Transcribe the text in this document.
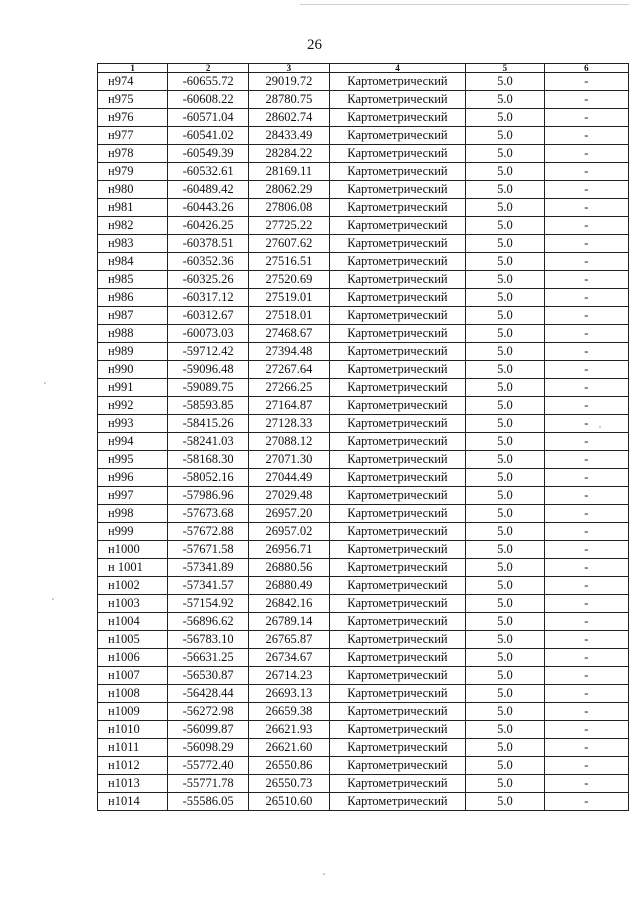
26
1	2	3	4	5	6
н974	-60655.72	29019.72	Картометрический	5.0	-
н975	-60608.22	28780.75	Картометрический	5.0	-
н976	-60571.04	28602.74	Картометрический	5.0	-
н977	-60541.02	28433.49	Картометрический	5.0	-
н978	-60549.39	28284.22	Картометрический	5.0	-
н979	-60532.61	28169.11	Картометрический	5.0	-
н980	-60489.42	28062.29	Картометрический	5.0	-
н981	-60443.26	27806.08	Картометрический	5.0	-
н982	-60426.25	27725.22	Картометрический	5.0	-
н983	-60378.51	27607.62	Картометрический	5.0	-
н984	-60352.36	27516.51	Картометрический	5.0	-
н985	-60325.26	27520.69	Картометрический	5.0	-
н986	-60317.12	27519.01	Картометрический	5.0	-
н987	-60312.67	27518.01	Картометрический	5.0	-
н988	-60073.03	27468.67	Картометрический	5.0	-
н989	-59712.42	27394.48	Картометрический	5.0	-
н990	-59096.48	27267.64	Картометрический	5.0	-
н991	-59089.75	27266.25	Картометрический	5.0	-
н992	-58593.85	27164.87	Картометрический	5.0	-
н993	-58415.26	27128.33	Картометрический	5.0	-
н994	-58241.03	27088.12	Картометрический	5.0	-
н995	-58168.30	27071.30	Картометрический	5.0	-
н996	-58052.16	27044.49	Картометрический	5.0	-
н997	-57986.96	27029.48	Картометрический	5.0	-
н998	-57673.68	26957.20	Картометрический	5.0	-
н999	-57672.88	26957.02	Картометрический	5.0	-
н1000	-57671.58	26956.71	Картометрический	5.0	-
н 1001	-57341.89	26880.56	Картометрический	5.0	-
н1002	-57341.57	26880.49	Картометрический	5.0	-
н1003	-57154.92	26842.16	Картометрический	5.0	-
н1004	-56896.62	26789.14	Картометрический	5.0	-
н1005	-56783.10	26765.87	Картометрический	5.0	-
н1006	-56631.25	26734.67	Картометрический	5.0	-
н1007	-56530.87	26714.23	Картометрический	5.0	-
н1008	-56428.44	26693.13	Картометрический	5.0	-
н1009	-56272.98	26659.38	Картометрический	5.0	-
н1010	-56099.87	26621.93	Картометрический	5.0	-
н1011	-56098.29	26621.60	Картометрический	5.0	-
н1012	-55772.40	26550.86	Картометрический	5.0	-
н1013	-55771.78	26550.73	Картометрический	5.0	-
н1014	-55586.05	26510.60	Картометрический	5.0	-
